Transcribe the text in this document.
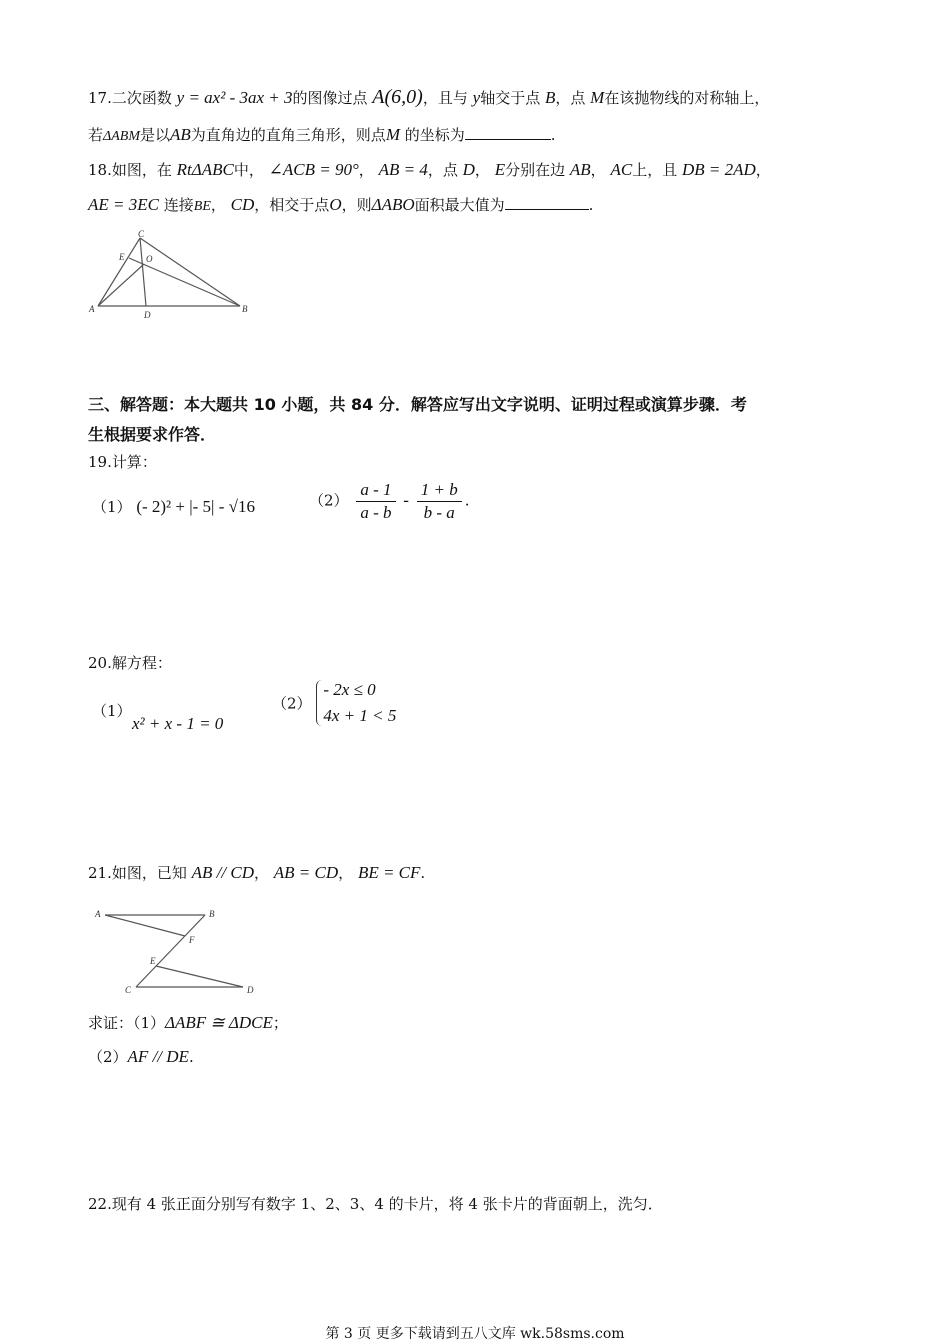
17.二次函数 y = ax² - 3ax + 3的图像过点 A(6,0)，且与 y轴交于点 B，点 M在该抛物线的对称轴上，
若ΔABM是以AB为直角边的直角三角形，则点M 的坐标为	.
18.如图，在 RtΔABC中， ∠ACB = 90°， AB = 4，点 D， E分别在边 AB， AC上，且 DB = 2AD，
AE = 3EC 连接BE， CD，相交于点O，则ΔABO面积最大值为	.
C
E O
A
D
B
三、解答题：本大题共 10 小题，共 84 分．解答应写出文字说明、证明过程或演算步骤．考
生根据要求作答．
19.计算：
（1） (- 2)² + |- 5| - √16	$(2) \frac{a - 1}{a - b} - \frac{1 + b}{b - a}$ .
20.解方程：
（1）
x² + x - 1 = 0
（2）
- 2x ≤ 0
4x + 1 < 5
21.如图，已知 AB // CD， AB = CD， BE = CF.
A	B
F
E
C	D
求证：（1）ΔABF ≅ ΔDCE；
（2）AF // DE.
22.现有 4 张正面分别写有数字 1、2、3、4 的卡片，将 4 张卡片的背面朝上，洗匀．
第 3 页 更多下载请到五八文库 wk.58sms.com
